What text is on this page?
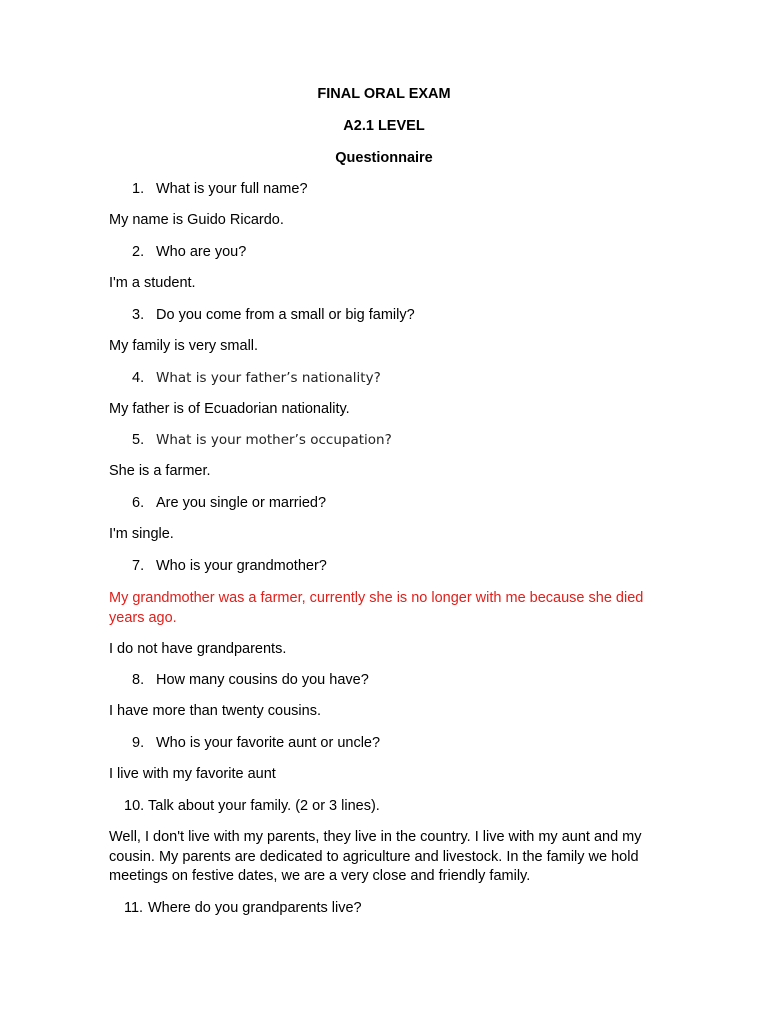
FINAL ORAL EXAM
A2.1 LEVEL
Questionnaire
1. What is your full name?
My name is Guido Ricardo.
2. Who are you?
I'm a student.
3. Do you come from a small or big family?
My family is very small.
4. What is your father’s nationality?
My father is of Ecuadorian nationality.
5. What is your mother’s occupation?
She is a farmer.
6. Are you single or married?
I'm single.
7. Who is your grandmother?
My grandmother was a farmer, currently she is no longer with me because she died years ago.
I do not have grandparents.
8. How many cousins do you have?
I have more than twenty cousins.
9. Who is your favorite aunt or uncle?
I live with my favorite aunt
10. Talk about your family. (2 or 3 lines).
Well, I don't live with my parents, they live in the country. I live with my aunt and my cousin. My parents are dedicated to agriculture and livestock. In the family we hold meetings on festive dates, we are a very close and friendly family.
11. Where do you grandparents live?
